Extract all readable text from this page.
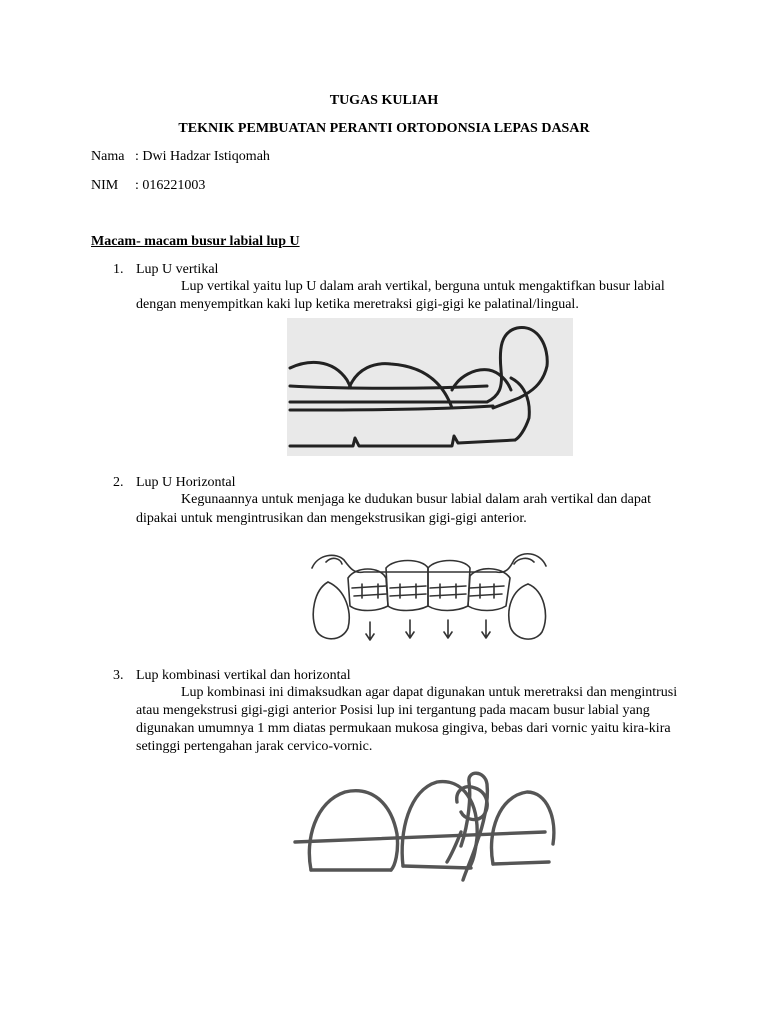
TUGAS KULIAH
TEKNIK PEMBUATAN PERANTI ORTODONSIA LEPAS DASAR
Nama : Dwi Hadzar Istiqomah
NIM : 016221003
Macam- macam busur labial lup U
1. Lup U vertikal
Lup vertikal yaitu lup U dalam arah vertikal, berguna untuk mengaktifkan busur labial
dengan menyempitkan kaki lup ketika meretraksi gigi-gigi ke palatinal/lingual.
2. Lup U Horizontal
Kegunaannya untuk menjaga ke dudukan busur labial dalam arah vertikal dan dapat
dipakai untuk mengintrusikan dan mengekstrusikan gigi-gigi anterior.
3. Lup kombinasi vertikal dan horizontal
Lup kombinasi ini dimaksudkan agar dapat digunakan untuk meretraksi dan mengintrusi
atau mengekstrusi gigi-gigi anterior Posisi lup ini tergantung pada macam busur labial yang
digunakan umumnya 1 mm diatas permukaan mukosa gingiva, bebas dari vornic yaitu kira-kira
setinggi pertengahan jarak cervico-vornic.
